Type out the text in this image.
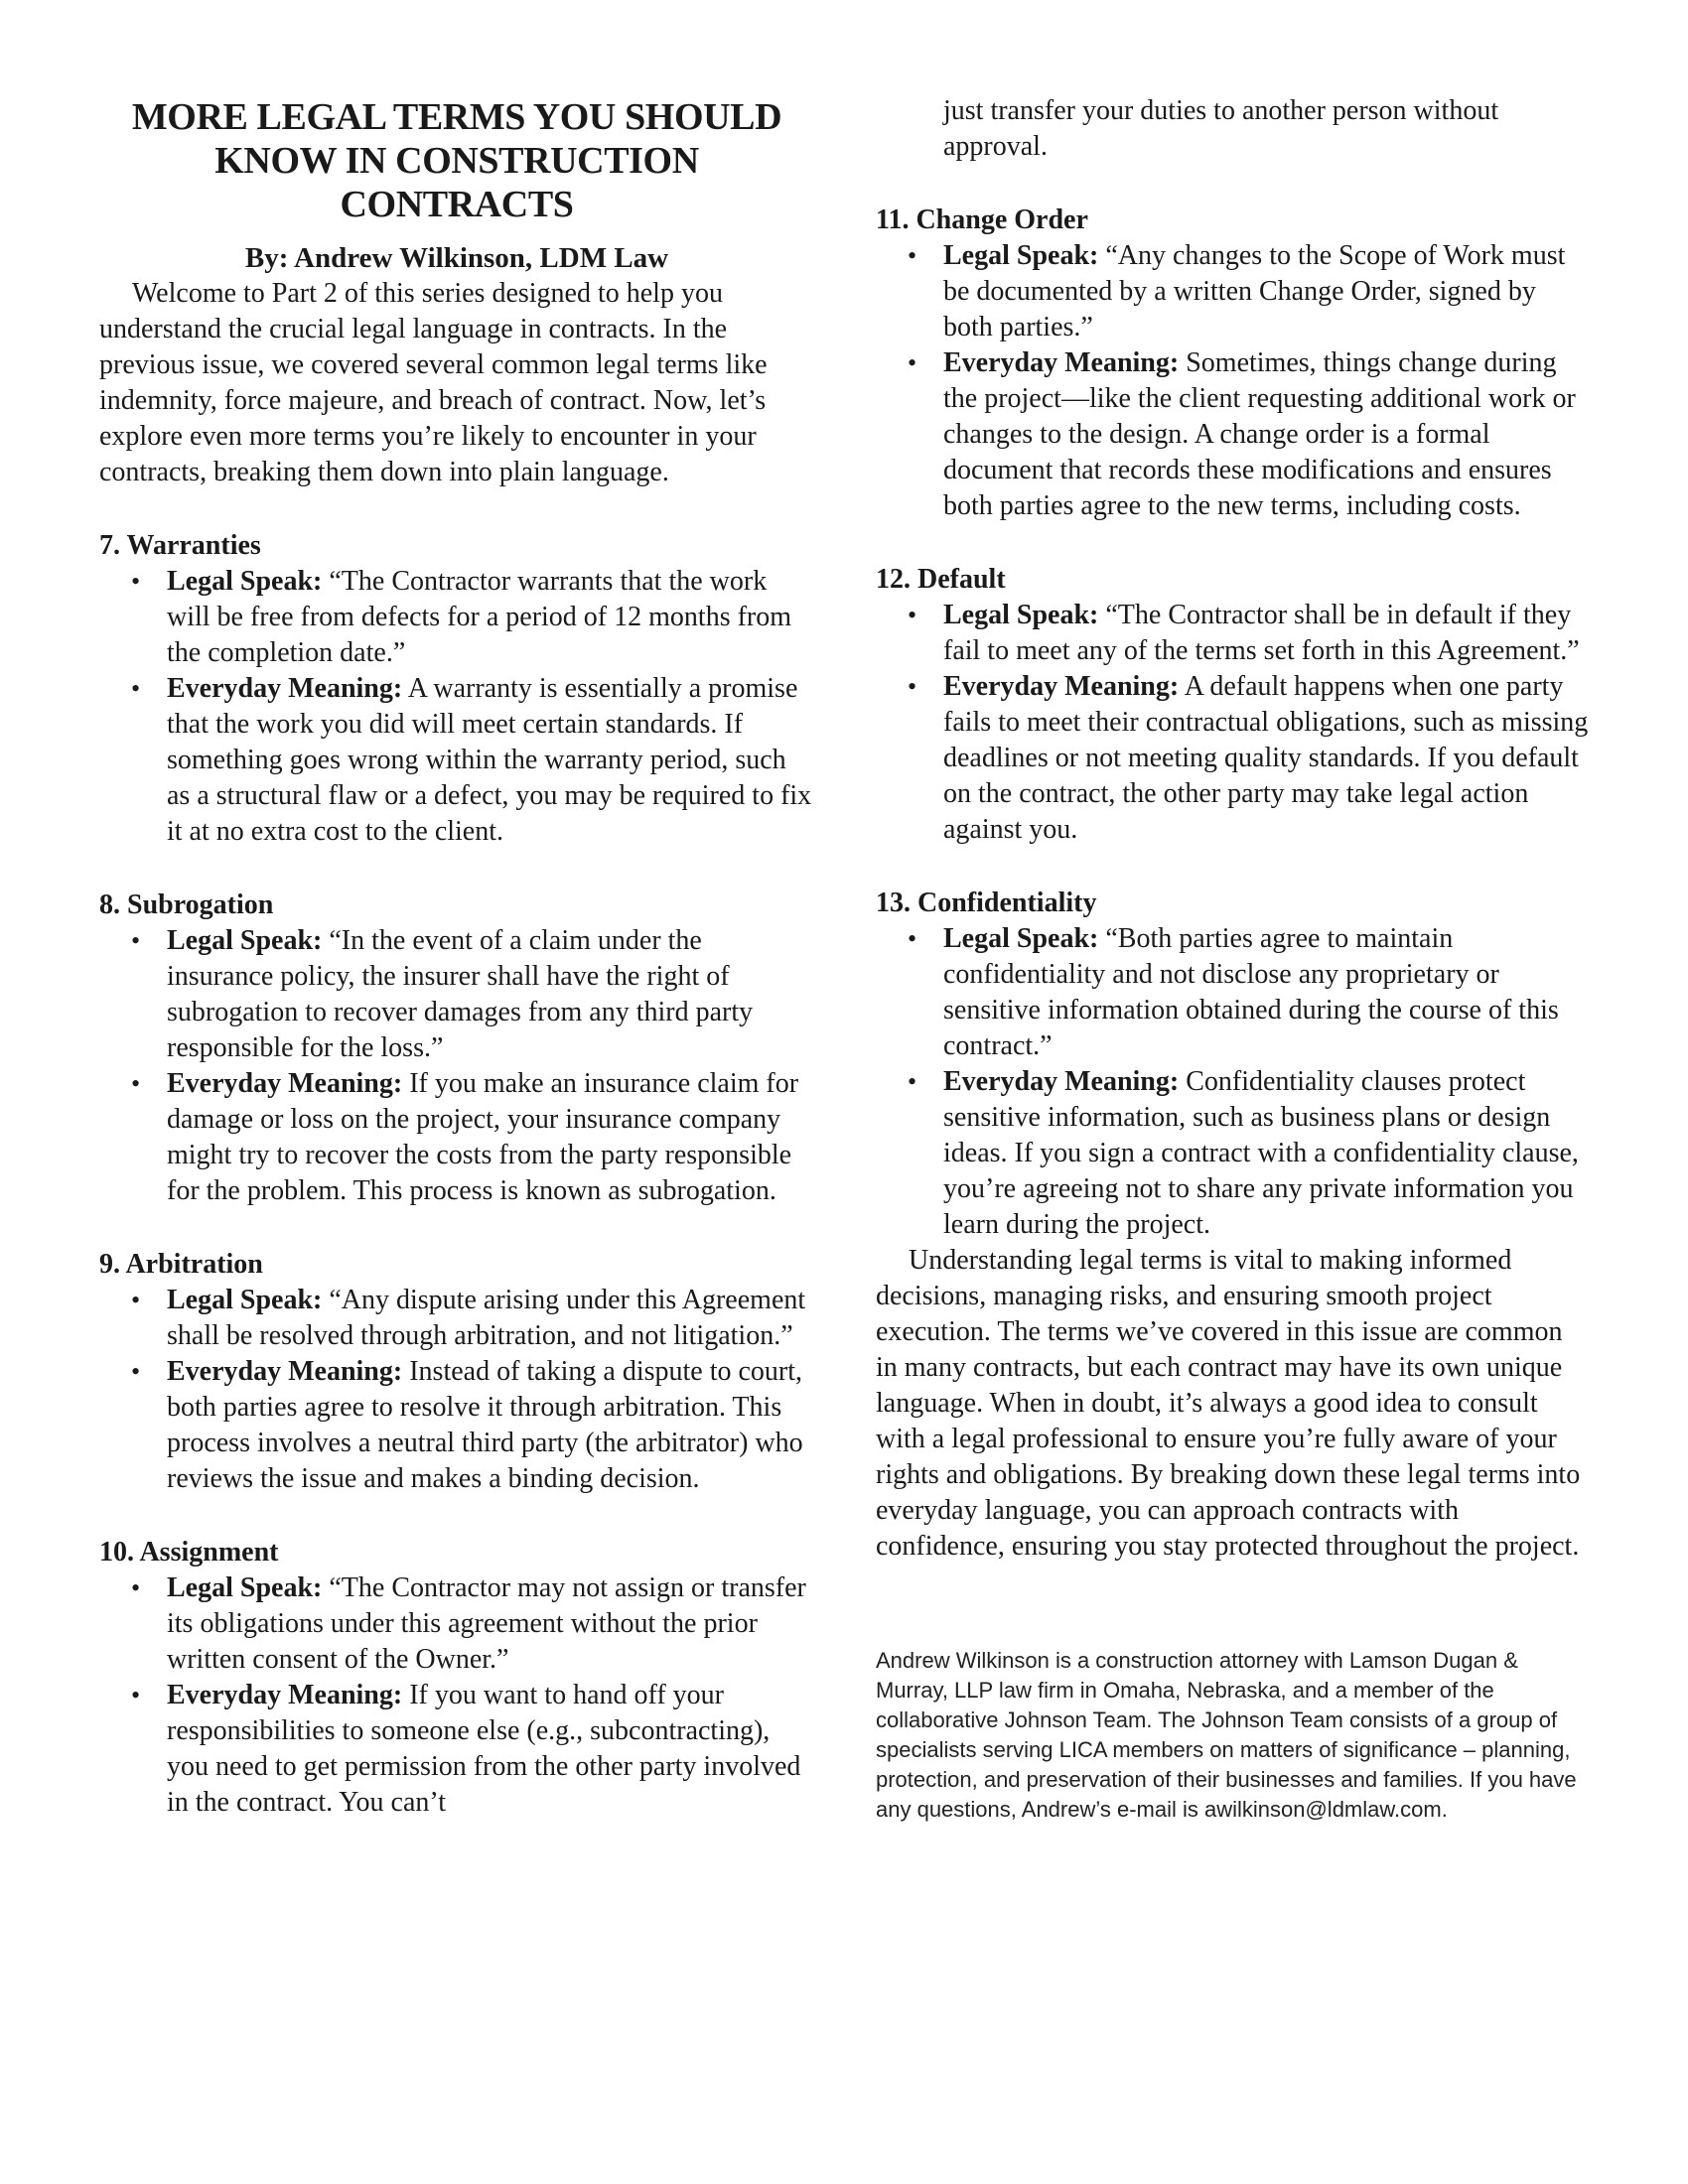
MORE LEGAL TERMS YOU SHOULD KNOW IN CONSTRUCTION CONTRACTS
By: Andrew Wilkinson, LDM Law

Welcome to Part 2 of this series designed to help you understand the crucial legal language in contracts. In the previous issue, we covered several common legal terms like indemnity, force majeure, and breach of contract. Now, let’s explore even more terms you’re likely to encounter in your contracts, breaking them down into plain language.

7. Warranties
• Legal Speak: “The Contractor warrants that the work will be free from defects for a period of 12 months from the completion date.”
• Everyday Meaning: A warranty is essentially a promise that the work you did will meet certain standards. If something goes wrong within the warranty period, such as a structural flaw or a defect, you may be required to fix it at no extra cost to the client.
8. Subrogation
• Legal Speak: “In the event of a claim under the insurance policy, the insurer shall have the right of subrogation to recover damages from any third party responsible for the loss.”
• Everyday Meaning: If you make an insurance claim for damage or loss on the project, your insurance company might try to recover the costs from the party responsible for the problem. This process is known as subrogation.
9. Arbitration
• Legal Speak: “Any dispute arising under this Agreement shall be resolved through arbitration, and not litigation.”
• Everyday Meaning: Instead of taking a dispute to court, both parties agree to resolve it through arbitration. This process involves a neutral third party (the arbitrator) who reviews the issue and makes a binding decision.
10. Assignment
• Legal Speak: “The Contractor may not assign or transfer its obligations under this agreement without the prior written consent of the Owner.”
• Everyday Meaning: If you want to hand off your responsibilities to someone else (e.g., subcontracting), you need to get permission from the other party involved in the contract. You can’t

just transfer your duties to another person without approval.

11. Change Order
• Legal Speak: “Any changes to the Scope of Work must be documented by a written Change Order, signed by both parties.”
• Everyday Meaning: Sometimes, things change during the project—like the client requesting additional work or changes to the design. A change order is a formal document that records these modifications and ensures both parties agree to the new terms, including costs.
12. Default
• Legal Speak: “The Contractor shall be in default if they fail to meet any of the terms set forth in this Agreement.”
• Everyday Meaning: A default happens when one party fails to meet their contractual obligations, such as missing deadlines or not meeting quality standards. If you default on the contract, the other party may take legal action against you.
13. Confidentiality
• Legal Speak: “Both parties agree to maintain confidentiality and not disclose any proprietary or sensitive information obtained during the course of this contract.”
• Everyday Meaning: Confidentiality clauses protect sensitive information, such as business plans or design ideas. If you sign a contract with a confidentiality clause, you’re agreeing not to share any private information you learn during the project.

Understanding legal terms is vital to making informed decisions, managing risks, and ensuring smooth project execution. The terms we’ve covered in this issue are common in many contracts, but each contract may have its own unique language. When in doubt, it’s always a good idea to consult with a legal professional to ensure you’re fully aware of your rights and obligations. By breaking down these legal terms into everyday language, you can approach contracts with confidence, ensuring you stay protected throughout the project.

Andrew Wilkinson is a construction attorney with Lamson Dugan & Murray, LLP law firm in Omaha, Nebraska, and a member of the collaborative Johnson Team. The Johnson Team consists of a group of specialists serving LICA members on matters of significance – planning, protection, and preservation of their businesses and families. If you have any questions, Andrew’s e-mail is awilkinson@ldmlaw.com.
